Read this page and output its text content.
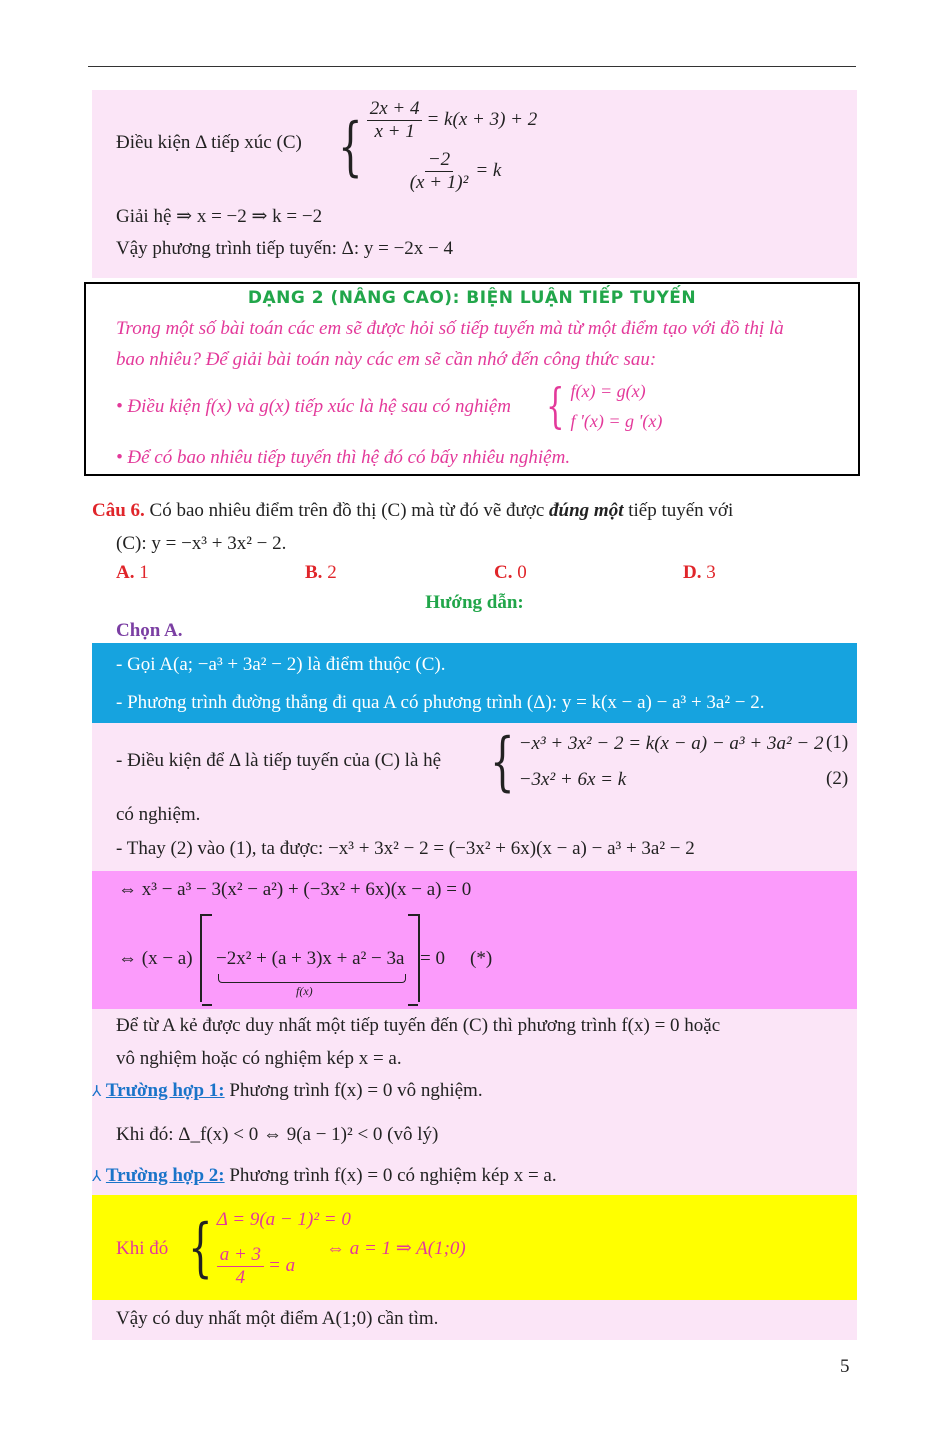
Điều kiện Δ tiếp xúc (C) { $\frac{2x + 4}{x + 1} = k(x + 3) + 2$
$\frac{-2}{\text{(x + 1)²}} = k$
Giải hệ ⇒ x = −2 ⇒ k = −2
Vậy phương trình tiếp tuyến: Δ: y = −2x − 4
DẠNG 2 (NÂNG CAO): BIỆN LUẬN TIẾP TUYẾN
Trong một số bài toán các em sẽ được hỏi số tiếp tuyến mà từ một điểm tạo với đồ thị là
bao nhiêu? Để giải bài toán này các em sẽ cần nhớ đến công thức sau:
• Điều kiện f(x) và g(x) tiếp xúc là hệ sau có nghiệm { f(x) = g(x)
f '(x) = g '(x)
• Để có bao nhiêu tiếp tuyến thì hệ đó có bấy nhiêu nghiệm.
Câu 6. Có bao nhiêu điểm trên đồ thị (C) mà từ đó vẽ được đúng một tiếp tuyến với
(C): y = −x³ + 3x² − 2.
A. 1	B. 2	C. 0	D. 3
Hướng dẫn:
Chọn A.
- Gọi A(a; −a³ + 3a² − 2) là điểm thuộc (C).
- Phương trình đường thẳng đi qua A có phương trình (Δ): y = k(x − a) − a³ + 3a² − 2.
- Điều kiện để Δ là tiếp tuyến của (C) là hệ { −x³ + 3x² − 2 = k(x − a) − a³ + 3a² − 2
−3x² + 6x = k
(1)
(2)
có nghiệm.
- Thay (2) vào (1), ta được: −x³ + 3x² − 2 = (−3x² + 6x)(x − a) − a³ + 3a² − 2
⇔ x³ − a³ − 3(x² − a²) + (−3x² + 6x)(x − a) = 0
⇔ (x − a) −2x² + (a + 3)x + a² − 3a
f(x)
= 0 (*)
Để từ A kẻ được duy nhất một tiếp tuyến đến (C) thì phương trình f(x) = 0 hoặc
vô nghiệm hoặc có nghiệm kép x = a.
⅄ Trường hợp 1: Phương trình f(x) = 0 vô nghiệm.
Khi đó: Δ_f(x) < 0 ⇔ 9(a − 1)² < 0 (vô lý)
⅄ Trường hợp 2: Phương trình f(x) = 0 có nghiệm kép x = a.
Khi đó { Δ = 9(a − 1)² = 0
$\frac{a + 3}{4} = a$
⇔ a = 1 ⇒ A(1;0)
Vậy có duy nhất một điểm A(1;0) cần tìm.
5
